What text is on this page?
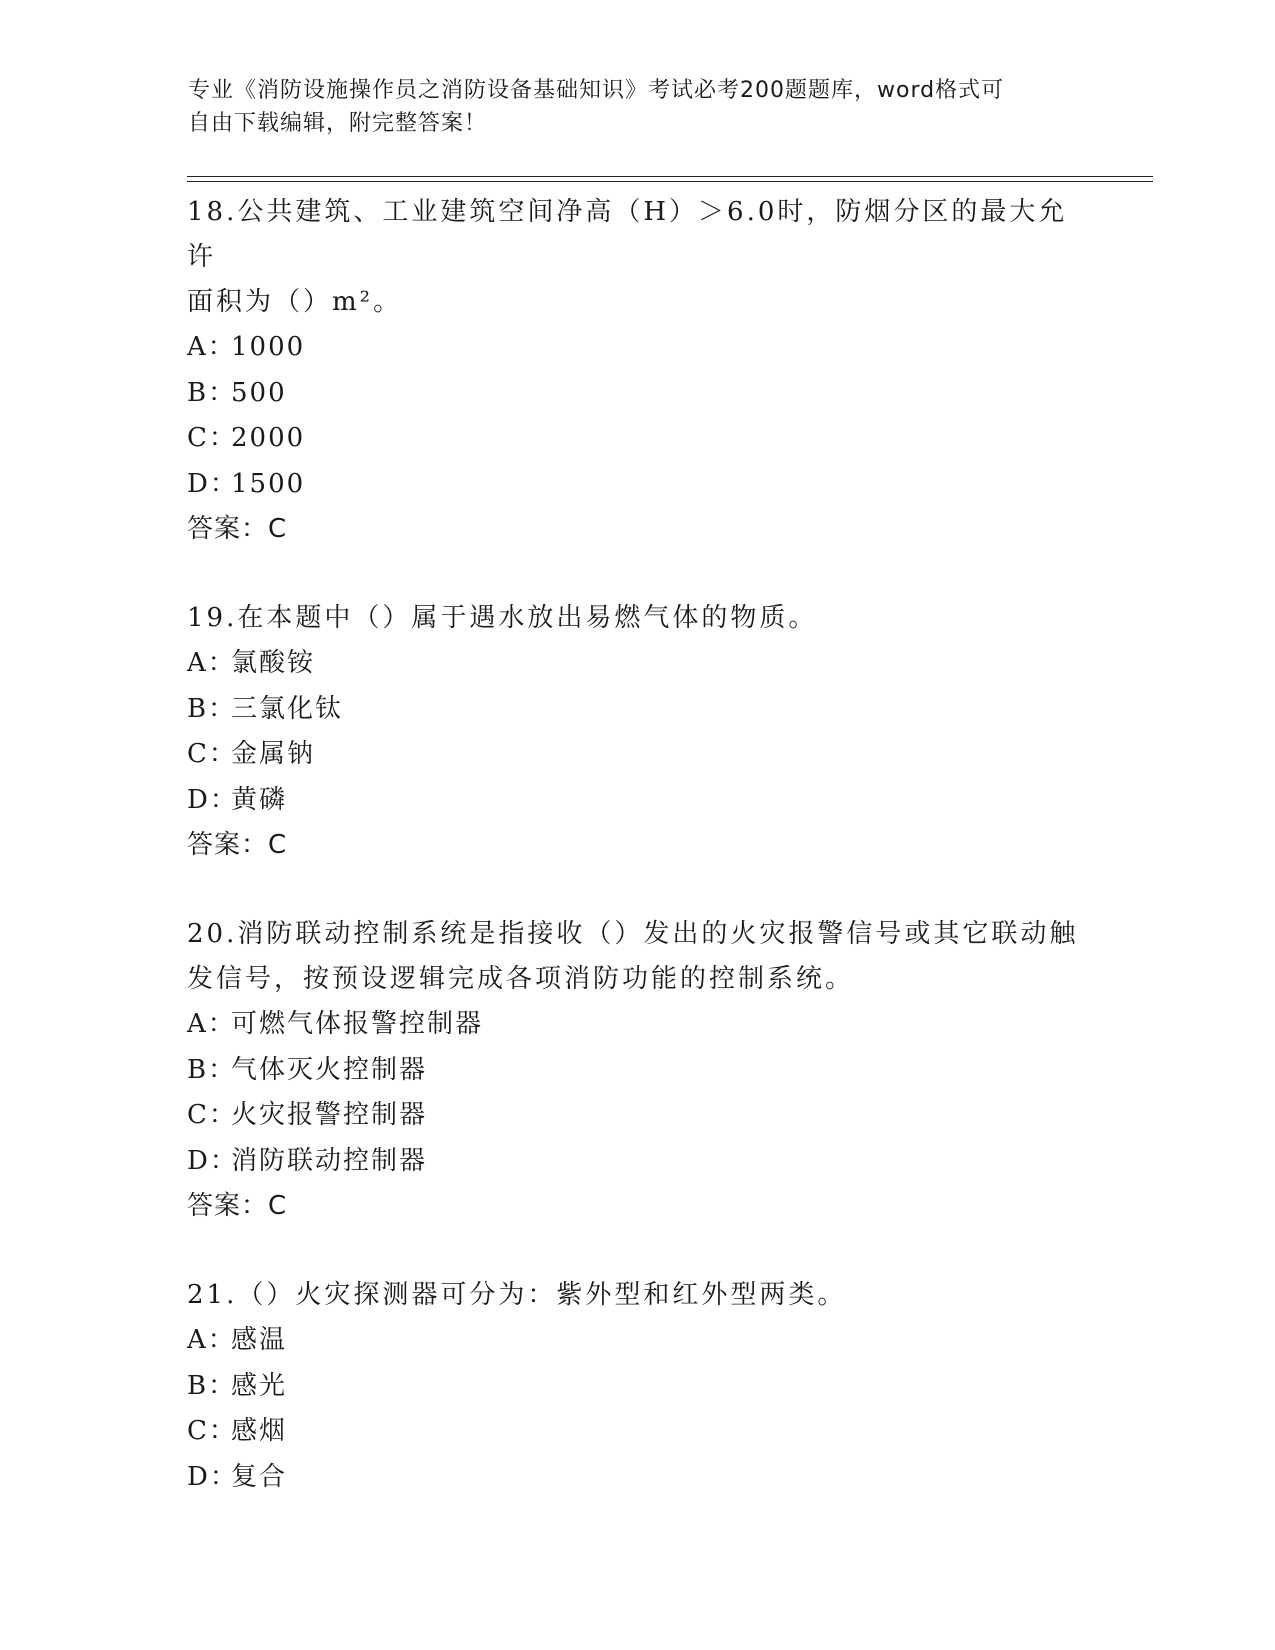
专业《消防设施操作员之消防设备基础知识》考试必考200题题库，word格式可
自由下载编辑，附完整答案！
18.公共建筑、工业建筑空间净高（H）＞6.0时，防烟分区的最大允许
面积为（）m²。
A：1000
B：500
C：2000
D：1500
答案：C
19.在本题中（）属于遇水放出易燃气体的物质。
A：氯酸铵
B：三氯化钛
C：金属钠
D：黄磷
答案：C
20.消防联动控制系统是指接收（）发出的火灾报警信号或其它联动触
发信号，按预设逻辑完成各项消防功能的控制系统。
A：可燃气体报警控制器
B：气体灭火控制器
C：火灾报警控制器
D：消防联动控制器
答案：C
21.（）火灾探测器可分为：紫外型和红外型两类。
A：感温
B：感光
C：感烟
D：复合
